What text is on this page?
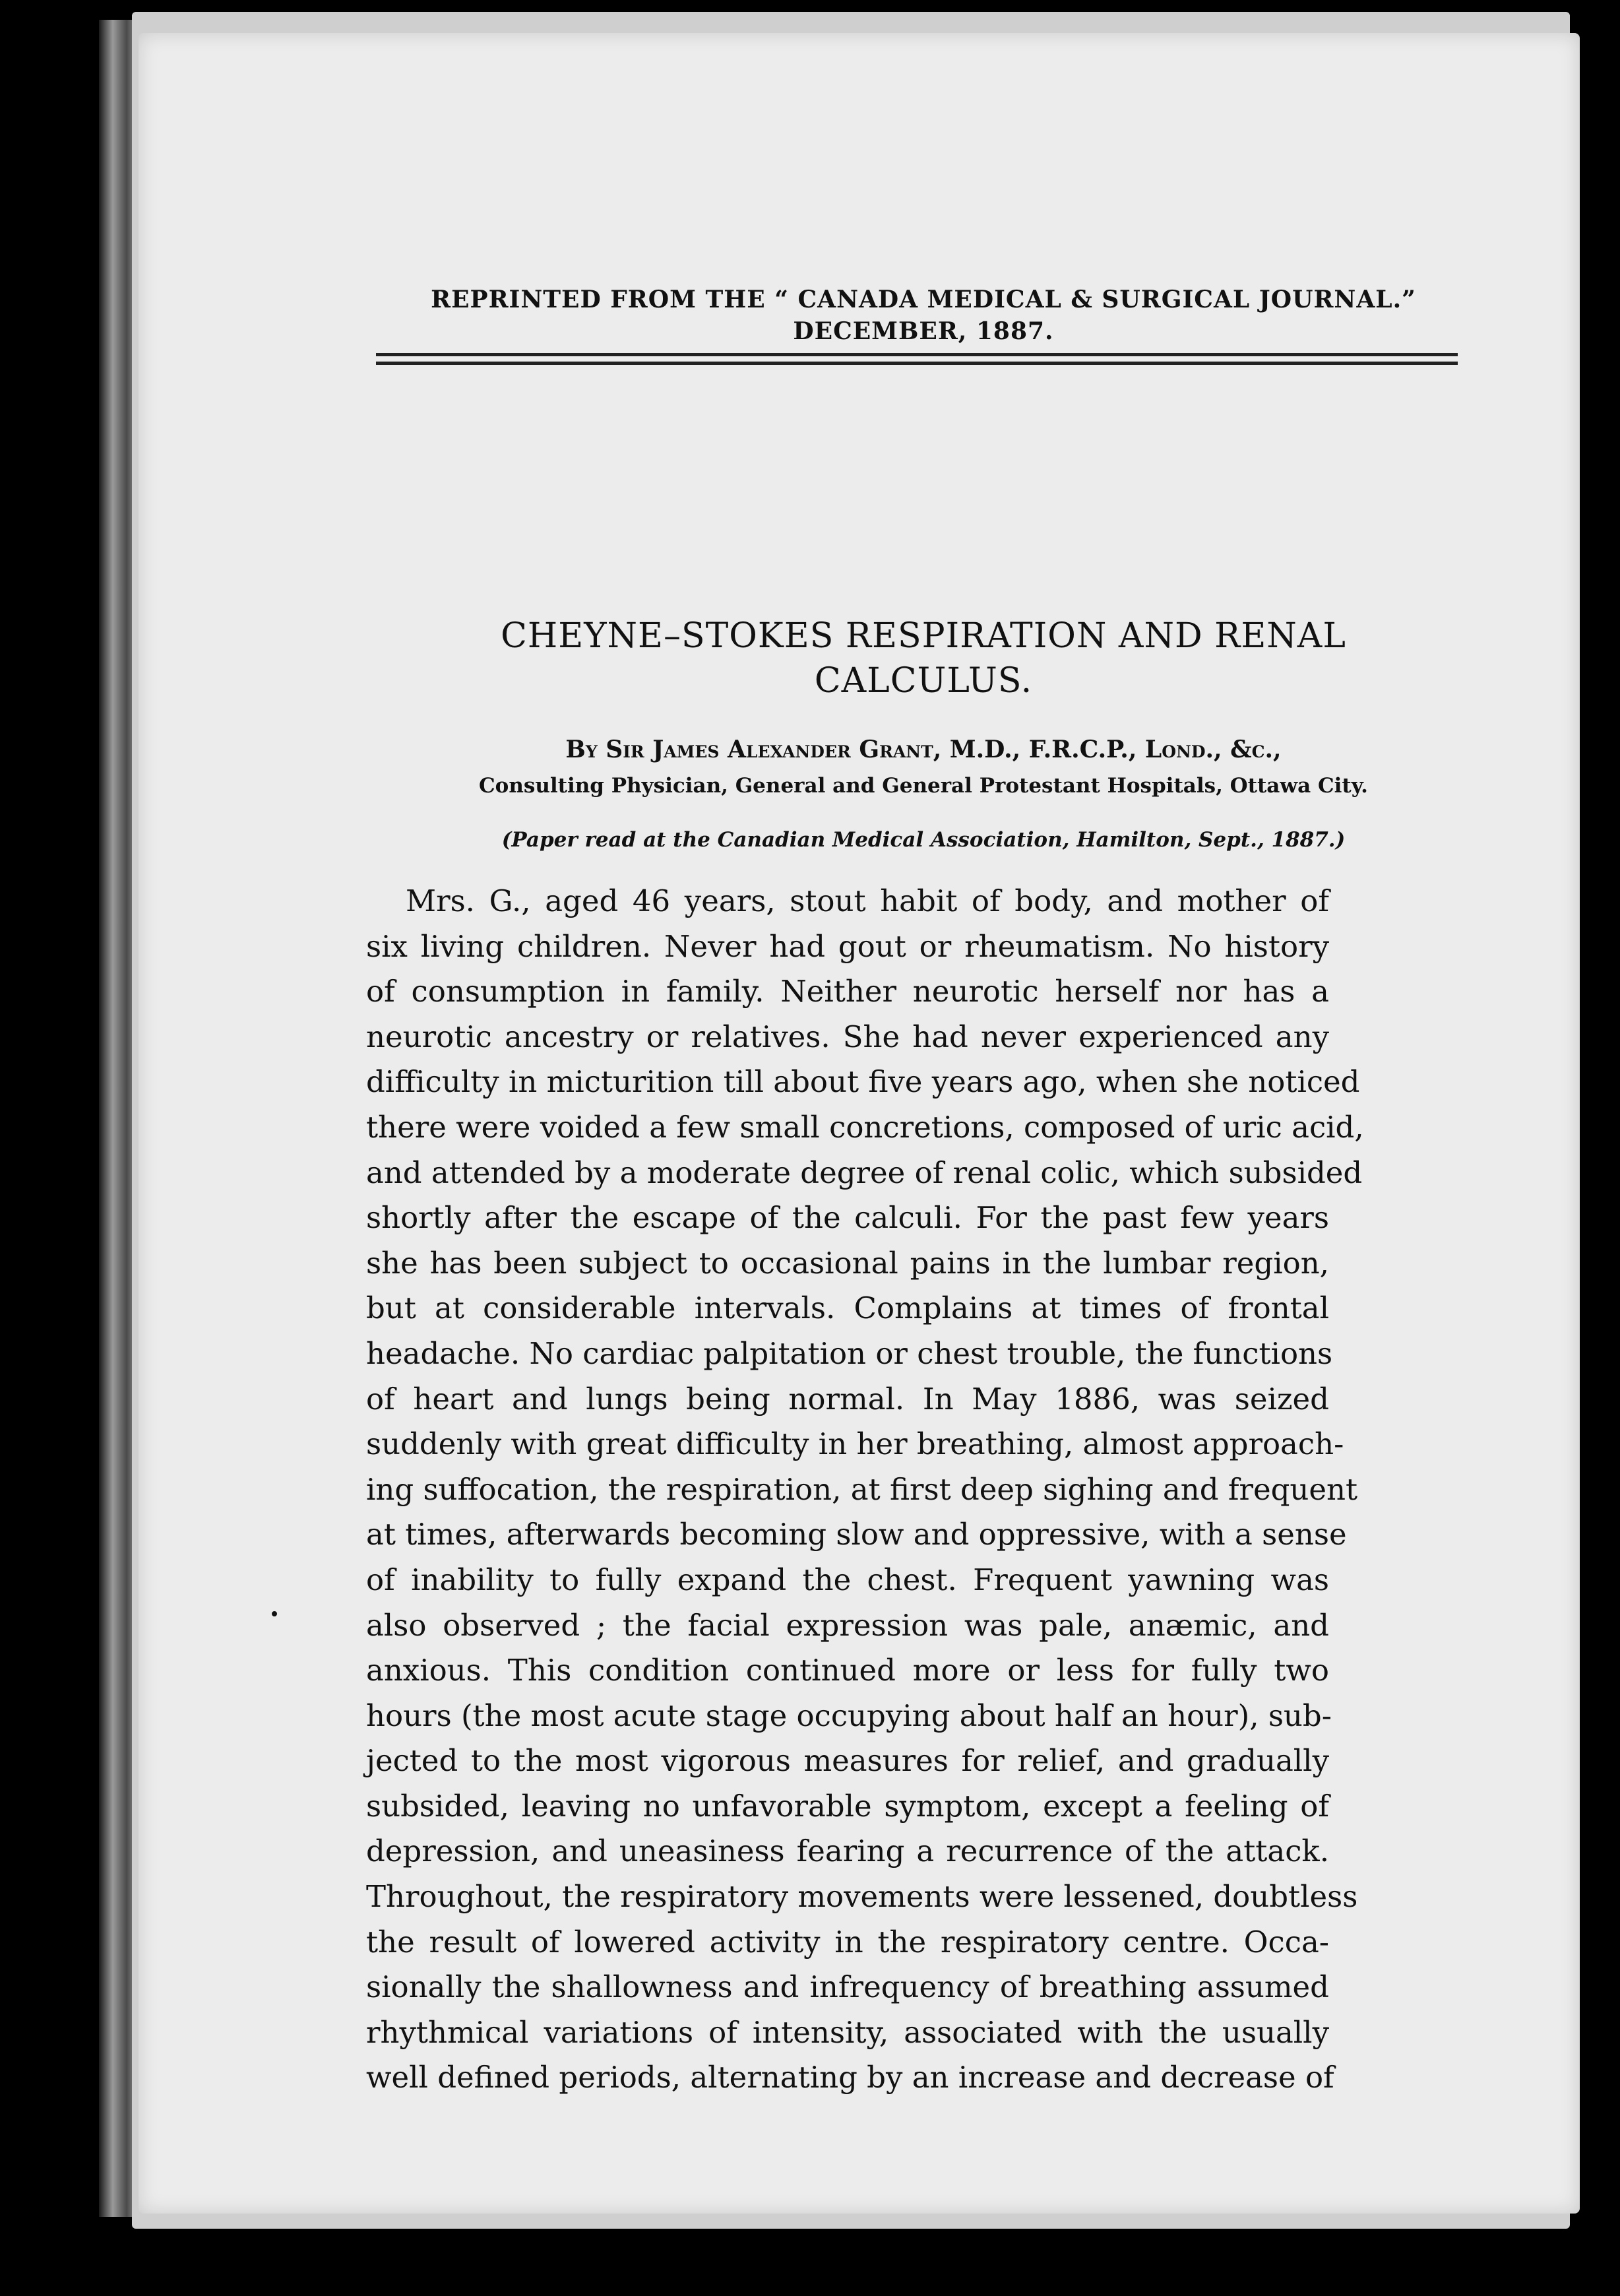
REPRINTED FROM THE “ CANADA MEDICAL & SURGICAL JOURNAL.”
DECEMBER, 1887.
CHEYNE–STOKES RESPIRATION AND RENAL
CALCULUS.
By Sir James Alexander Grant, M.D., F.R.C.P., Lond., &c.,
Consulting Physician, General and General Protestant Hospitals, Ottawa City.
(Paper read at the Canadian Medical Association, Hamilton, Sept., 1887.)
Mrs. G., aged 46 years, stout habit of body, and mother of
six living children. Never had gout or rheumatism. No history
of consumption in family. Neither neurotic herself nor has a
neurotic ancestry or relatives. She had never experienced any
difficulty in micturition till about five years ago, when she noticed
there were voided a few small concretions, composed of uric acid,
and attended by a moderate degree of renal colic, which subsided
shortly after the escape of the calculi. For the past few years
she has been subject to occasional pains in the lumbar region,
but at considerable intervals. Complains at times of frontal
headache. No cardiac palpitation or chest trouble, the functions
of heart and lungs being normal. In May 1886, was seized
suddenly with great difficulty in her breathing, almost approach-
ing suffocation, the respiration, at first deep sighing and frequent
at times, afterwards becoming slow and oppressive, with a sense
of inability to fully expand the chest. Frequent yawning was
also observed ; the facial expression was pale, anæmic, and
anxious. This condition continued more or less for fully two
hours (the most acute stage occupying about half an hour), sub-
jected to the most vigorous measures for relief, and gradually
subsided, leaving no unfavorable symptom, except a feeling of
depression, and uneasiness fearing a recurrence of the attack.
Throughout, the respiratory movements were lessened, doubtless
the result of lowered activity in the respiratory centre. Occa-
sionally the shallowness and infrequency of breathing assumed
rhythmical variations of intensity, associated with the usually
well defined periods, alternating by an increase and decrease of
